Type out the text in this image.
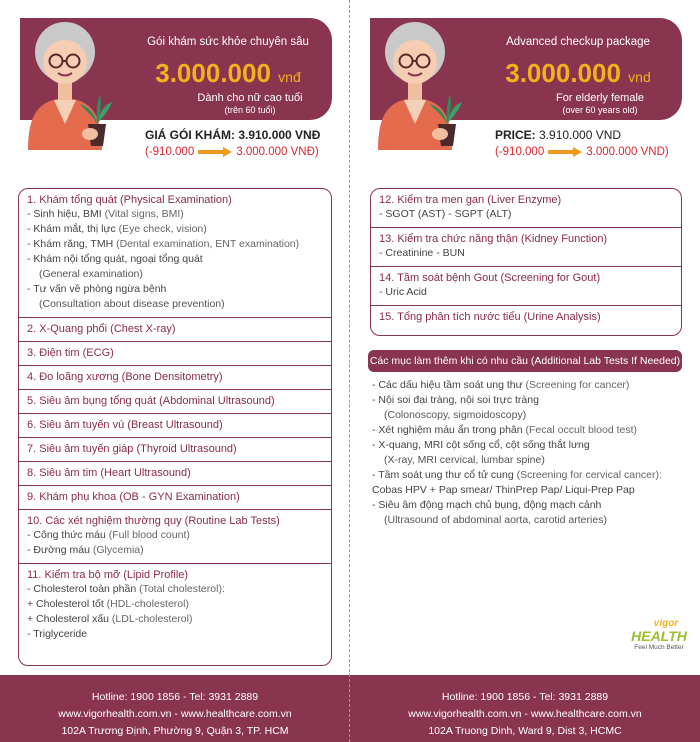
Gói khám sức khỏe chuyên sâu
3.000.000 vnđ
Dành cho nữ cao tuổi
(trên 60 tuổi)
GIÁ GÓI KHÁM: 3.910.000 VNĐ
(-910.000	3.000.000 VNĐ)
1. Khám tổng quát (Physical Examination)
- Sinh hiệu, BMI (Vital signs, BMI)
- Khám mắt, thị lực (Eye check, vision)
- Khám răng, TMH (Dental examination, ENT examination)
- Khám nội tổng quát, ngoại tổng quát
(General examination)
- Tư vấn về phòng ngừa bệnh
(Consultation about disease prevention)
2. X-Quang phổi (Chest X-ray)
3. Điện tim (ECG)
4. Đo loãng xương (Bone Densitometry)
5. Siêu âm bụng tổng quát (Abdominal Ultrasound)
6. Siêu âm tuyến vú (Breast Ultrasound)
7. Siêu âm tuyến giáp (Thyroid Ultrasound)
8. Siêu âm tim (Heart Ultrasound)
9. Khám phụ khoa (OB - GYN Examination)
10. Các xét nghiệm thường quy (Routine Lab Tests)
- Công thức máu (Full blood count)
- Đường máu (Glycemia)
11. Kiểm tra bộ mỡ (Lipid Profile)
- Cholesterol toàn phần (Total cholesterol):
+ Cholesterol tốt (HDL-cholesterol)
+ Cholesterol xấu (LDL-cholesterol)
- Triglyceride
Hotline: 1900 1856 - Tel: 3931 2889
www.vigorhealth.com.vn - www.healthcare.com.vn
102A Trương Định, Phường 9, Quận 3, TP. HCM
Advanced checkup package
3.000.000 vnd
For elderly female
(over 60 years old)
PRICE: 3.910.000 VND
(-910.000	3.000.000 VND)
12. Kiểm tra men gan (Liver Enzyme)
- SGOT (AST) - SGPT (ALT)
13. Kiểm tra chức năng thận (Kidney Function)
- Creatinine - BUN
14. Tầm soát bệnh Gout (Screening for Gout)
- Uric Acid
15. Tổng phân tích nước tiểu (Urine Analysis)
Các mục làm thêm khi có nhu cầu (Additional Lab Tests If Needed)
- Các dấu hiệu tầm soát ung thư (Screening for cancer)
- Nội soi đại tràng, nội soi trực tràng
(Colonoscopy, sigmoidoscopy)
- Xét nghiệm máu ẩn trong phân (Fecal occult blood test)
- X-quang, MRI cột sống cổ, cột sống thắt lưng
(X-ray, MRI cervical, lumbar spine)
- Tầm soát ung thư cổ tử cung (Screening for cervical cancer):
Cobas HPV + Pap smear/ ThinPrep Pap/ Liqui-Prep Pap
- Siêu âm động mạch chủ bụng, động mạch cảnh
(Ultrasound of abdominal aorta, carotid arteries)
vigor
HEALTH
Feel Much Better
Hotline: 1900 1856 - Tel: 3931 2889
www.vigorhealth.com.vn - www.healthcare.com.vn
102A Truong Dinh, Ward 9, Dist 3, HCMC
